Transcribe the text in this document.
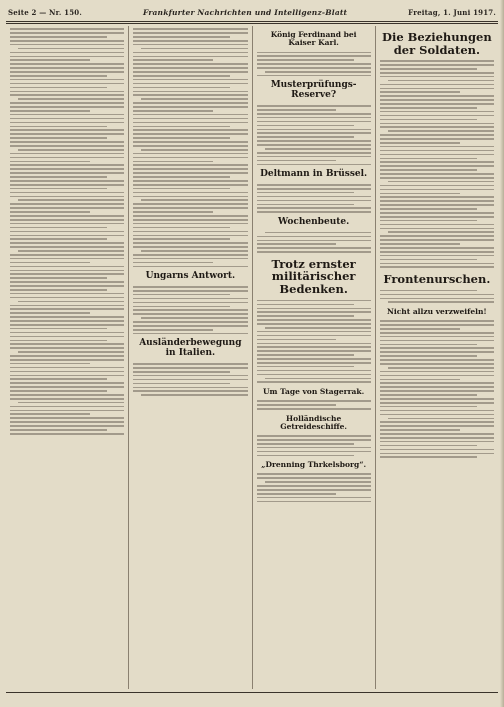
Seite 2 — Nr. 150.	Frankfurter Nachrichten und Intelligenz-Blatt	Freitag, 1. Juni 1917.
Ungarns Antwort.
Ausländerbewegung in Italien.
König Ferdinand bei Kaiser Karl.
Musterprüfungs-Reserve?
Deltmann in Brüssel.
Wochenbeute.
Trotz ernster militärischer Bedenken.
Um Tage von Stagerrak.
Holländische Getreideschiffe.
„Drenning Thrkelsborg“.
Die Beziehungen der Soldaten.
Frontenurschen.
Nicht allzu verzweifeln!
